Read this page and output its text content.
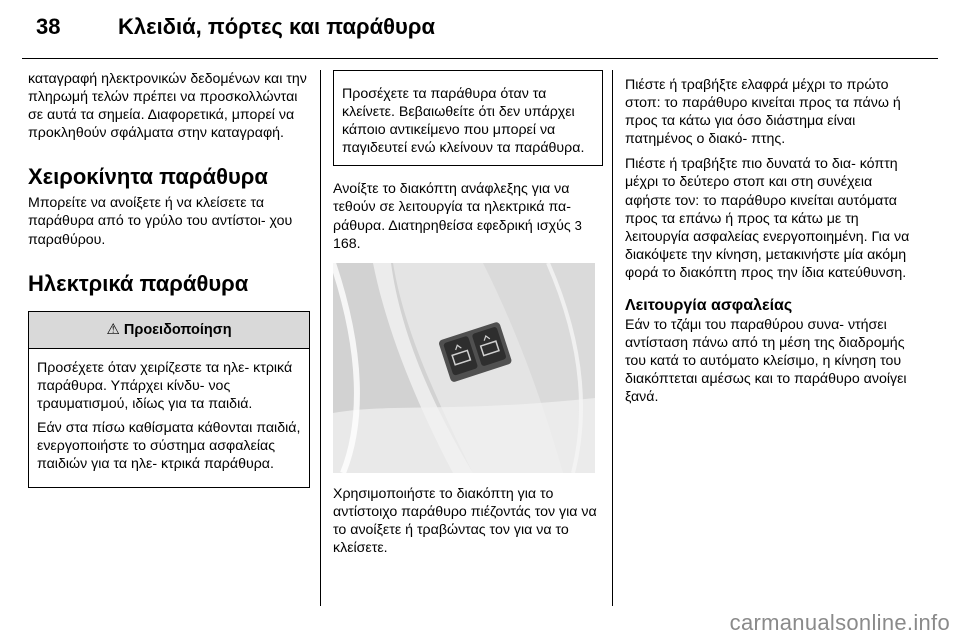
38	Κλειδιά, πόρτες και παράθυρα

καταγραφή ηλεκτρονικών δεδομένων και την πληρωμή τελών πρέπει να προσκολλώνται σε αυτά τα σημεία. Διαφορετικά, μπορεί να προκληθούν σφάλματα στην καταγραφή.

Χειροκίνητα παράθυρα

Μπορείτε να ανοίξετε ή να κλείσετε τα παράθυρα από το γρύλο του αντίστοι- χου παραθύρου.

Ηλεκτρικά παράθυρα
⚠ Προειδοποίηση

Προσέχετε όταν χειρίζεστε τα ηλε- κτρικά παράθυρα. Υπάρχει κίνδυ- νος τραυματισμού, ιδίως για τα παιδιά.

Εάν στα πίσω καθίσματα κάθονται παιδιά, ενεργοποιήστε το σύστημα ασφαλείας παιδιών για τα ηλε- κτρικά παράθυρα.

Προσέχετε τα παράθυρα όταν τα κλείνετε. Βεβαιωθείτε ότι δεν υπάρχει κάποιο αντικείμενο που μπορεί να παγιδευτεί ενώ κλείνουν τα παράθυρα.

Ανοίξτε το διακόπτη ανάφλεξης για να τεθούν σε λειτουργία τα ηλεκτρικά πα- ράθυρα. Διατηρηθείσα εφεδρική ισχύς 3 168.

Χρησιμοποιήστε το διακόπτη για το αντίστοιχο παράθυρο πιέζοντάς τον για να το ανοίξετε ή τραβώντας τον για να το κλείσετε.

Πιέστε ή τραβήξτε ελαφρά μέχρι το πρώτο στοπ: το παράθυρο κινείται προς τα πάνω ή προς τα κάτω για όσο διάστημα είναι πατημένος ο διακό- πτης.

Πιέστε ή τραβήξτε πιο δυνατά το δια- κόπτη μέχρι το δεύτερο στοπ και στη συνέχεια αφήστε τον: το παράθυρο κινείται αυτόματα προς τα επάνω ή προς τα κάτω με τη λειτουργία ασφαλείας ενεργοποιημένη. Για να διακόψετε την κίνηση, μετακινήστε μία ακόμη φορά το διακόπτη προς την ίδια κατεύθυνση.

Λειτουργία ασφαλείας

Εάν το τζάμι του παραθύρου συνα- ντήσει αντίσταση πάνω από τη μέση της διαδρομής του κατά το αυτόματο κλείσιμο, η κίνηση του διακόπτεται αμέσως και το παράθυρο ανοίγει ξανά.

carmanualsonline.info
